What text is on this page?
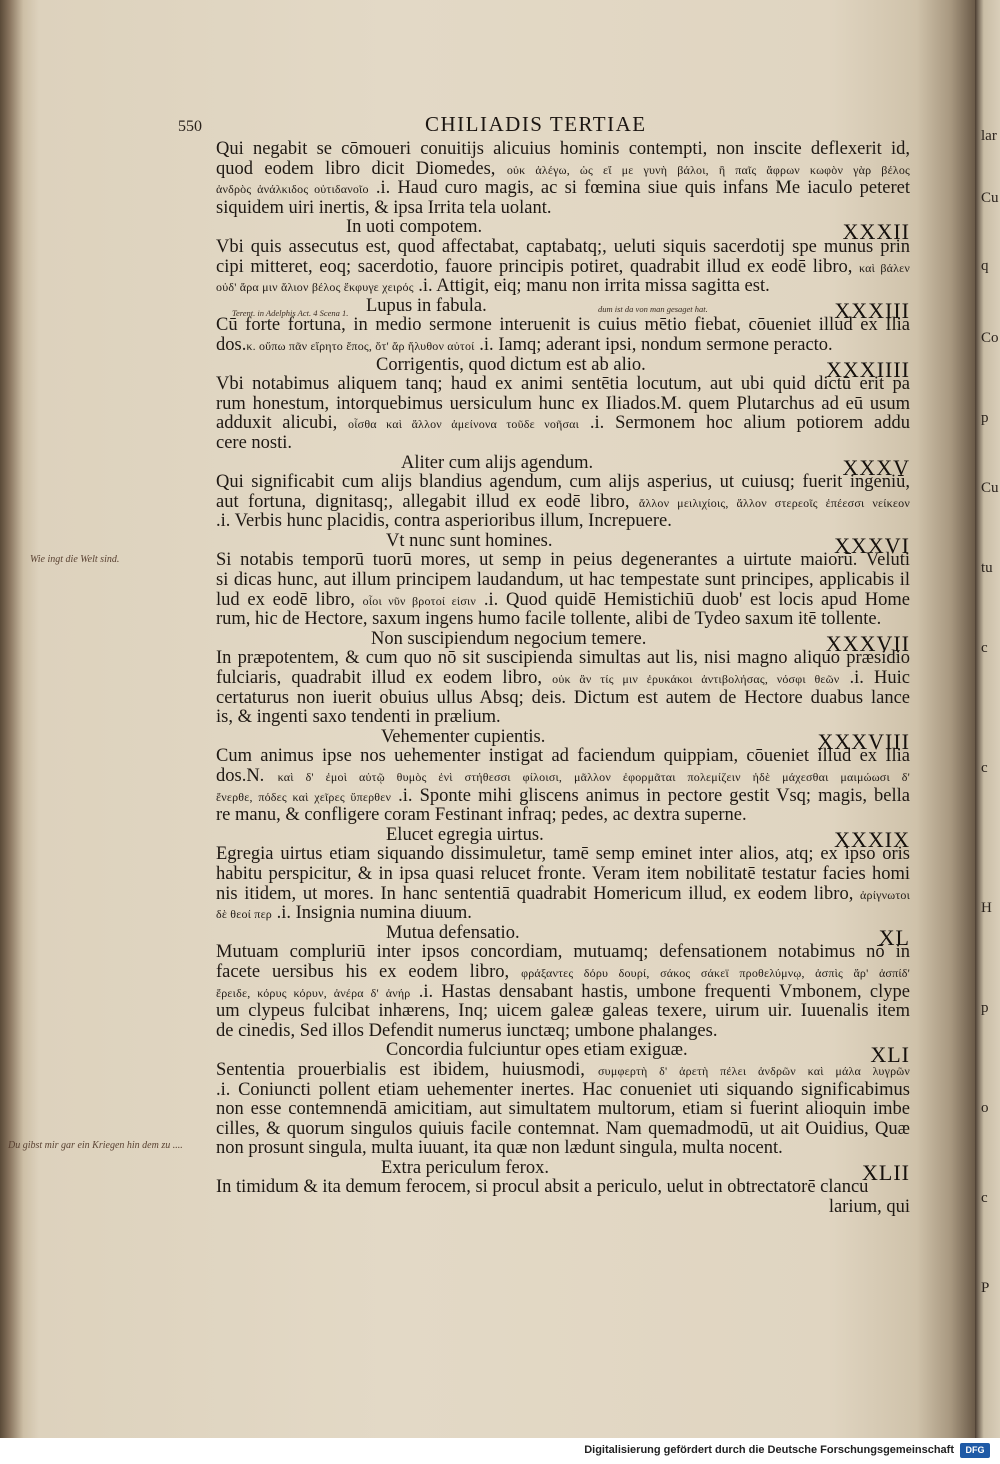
lar
Cu
q
Co
p
Cu
tu
c
c
H
p
o
c
P
550	CHILIADIS TERTIAE
Qui negabit se cōmoueri conuitijs alicuius hominis contempti, non inscite deflexerit id,
quod eodem libro dicit Diomedes, οὐκ ἀλέγω, ὡς εἴ με γυνὴ βάλοι, ἢ παῖς ἄφρων κωφὸν γὰρ βέλος
ἀνδρὸς ἀνάλκιδος οὐτιδανοῖο .i. Haud curo magis, ac si fœmina siue quis infans Me iaculo peteret
siquidem uiri inertis, & ipsa Irrita tela uolant.
In uoti compotem.	XXXII
Vbi quis assecutus est, quod affectabat, captabatq;, ueluti siquis sacerdotij spe munus prin
cipi mitteret, eoq; sacerdotio, fauore principis potiret, quadrabit illud ex eodē libro, καὶ βάλεν
οὐδ' ἄρα μιν ἅλιον βέλος ἔκφυγε χειρός .i. Attigit, eiq; manu non irrita missa sagitta est.
Lupus in fabula.	XXXIII
Cū forte fortuna, in medio sermone interuenit is cuius mētio fiebat, cōueniet illud ex Ilia
dos.κ. οὔπω πᾶν εἴρητο ἔπος, ὅτ' ἄρ ἤλυθον αὐτοί .i. Iamq; aderant ipsi, nondum sermone peracto.
Corrigentis, quod dictum est ab alio.	XXXIIII
Vbi notabimus aliquem tanq; haud ex animi sentētia locutum, aut ubi quid dictū erit pa
rum honestum, intorquebimus uersiculum hunc ex Iliados.M. quem Plutarchus ad eū usum
adduxit alicubi, οἶσθα καὶ ἄλλον ἀμείνονα τοῦδε νοῆσαι .i. Sermonem hoc alium potiorem addu
cere nosti.
Aliter cum alijs agendum.	XXXV
Qui significabit cum alijs blandius agendum, cum alijs asperius, ut cuiusq; fuerit ingeniū,
aut fortuna, dignitasq;, allegabit illud ex eodē libro, ἄλλον μειλιχίοις, ἄλλον στερεοῖς ἐπέεσσι νείκεον
.i. Verbis hunc placidis, contra asperioribus illum, Increpuere.
Vt nunc sunt homines.	XXXVI
Si notabis temporū tuorū mores, ut semp in peius degenerantes a uirtute maiorū. Veluti
si dicas hunc, aut illum principem laudandum, ut hac tempestate sunt principes, applicabis il
lud ex eodē libro, οἷοι νῦν βροτοί εἰσιν .i. Quod quidē Hemistichiū duob' est locis apud Home
rum, hic de Hectore, saxum ingens humo facile tollente, alibi de Tydeo saxum itē tollente.
Non suscipiendum negocium temere.	XXXVII
In præpotentem, & cum quo nō sit suscipienda simultas aut lis, nisi magno aliquo præsidio
fulciaris, quadrabit illud ex eodem libro, οὐκ ἂν τίς μιν ἐρυκάκοι ἀντιβολήσας, νόσφι θεῶν .i. Huic
certaturus non iuerit obuius ullus Absq; deis. Dictum est autem de Hectore duabus lance
is, & ingenti saxo tendenti in prælium.
Vehementer cupientis.	XXXVIII
Cum animus ipse nos uehementer instigat ad faciendum quippiam, cōueniet illud ex Ilia
dos.N. καὶ δ' ἐμοὶ αὐτῷ θυμὸς ἐνὶ στήθεσσι φίλοισι, μᾶλλον ἐφορμᾶται πολεμίζειν ἠδὲ μάχεσθαι μαιμώωσι δ'
ἔνερθε, πόδες καὶ χεῖρες ὕπερθεν .i. Sponte mihi gliscens animus in pectore gestit Vsq; magis, bella
re manu, & confligere coram Festinant infraq; pedes, ac dextra superne.
Elucet egregia uirtus.	XXXIX
Egregia uirtus etiam siquando dissimuletur, tamē semp eminet inter alios, atq; ex ipso oris
habitu perspicitur, & in ipsa quasi relucet fronte. Veram item nobilitatē testatur facies homi
nis itidem, ut mores. In hanc sententiā quadrabit Homericum illud, ex eodem libro, ἀρίγνωτοι
δὲ θεοί περ .i. Insignia numina diuum.
Mutua defensatio.	XL
Mutuam compluriū inter ipsos concordiam, mutuamq; defensationem notabimus nō in
facete uersibus his ex eodem libro, φράξαντες δόρυ δουρί, σάκος σάκεϊ προθελύμνῳ, ἀσπὶς ἄρ' ἀσπίδ'
ἔρειδε, κόρυς κόρυν, ἀνέρα δ' ἀνήρ .i. Hastas densabant hastis, umbone frequenti Vmbonem, clype
um clypeus fulcibat inhærens, Inq; uicem galeæ galeas texere, uirum uir. Iuuenalis item
de cinedis, Sed illos Defendit numerus iunctæq; umbone phalanges.
Concordia fulciuntur opes etiam exiguæ.	XLI
Sententia prouerbialis est ibidem, huiusmodi, συμφερτὴ δ' ἀρετὴ πέλει ἀνδρῶν καὶ μάλα λυγρῶν
.i. Coniuncti pollent etiam uehementer inertes. Hac conueniet uti siquando significabimus
non esse contemnendā amicitiam, aut simultatem multorum, etiam si fuerint alioquin imbe
cilles, & quorum singulos quiuis facile contemnat. Nam quemadmodū, ut ait Ouidius, Quæ
non prosunt singula, multa iuuant, ita quæ non lædunt singula, multa nocent.
Extra periculum ferox.	XLII
In timidum & ita demum ferocem, si procul absit a periculo, uelut in obtrectatorē clancu
larium, qui
Wie ingt die Welt sind.
Du gibst mir gar ein Kriegen hin dem zu ....
Terent. in Adelphis Act. 4 Scena 1.	dum ist da von man gesaget hat.
Digitalisierung gefördert durch die Deutsche Forschungsgemeinschaft	DFG
